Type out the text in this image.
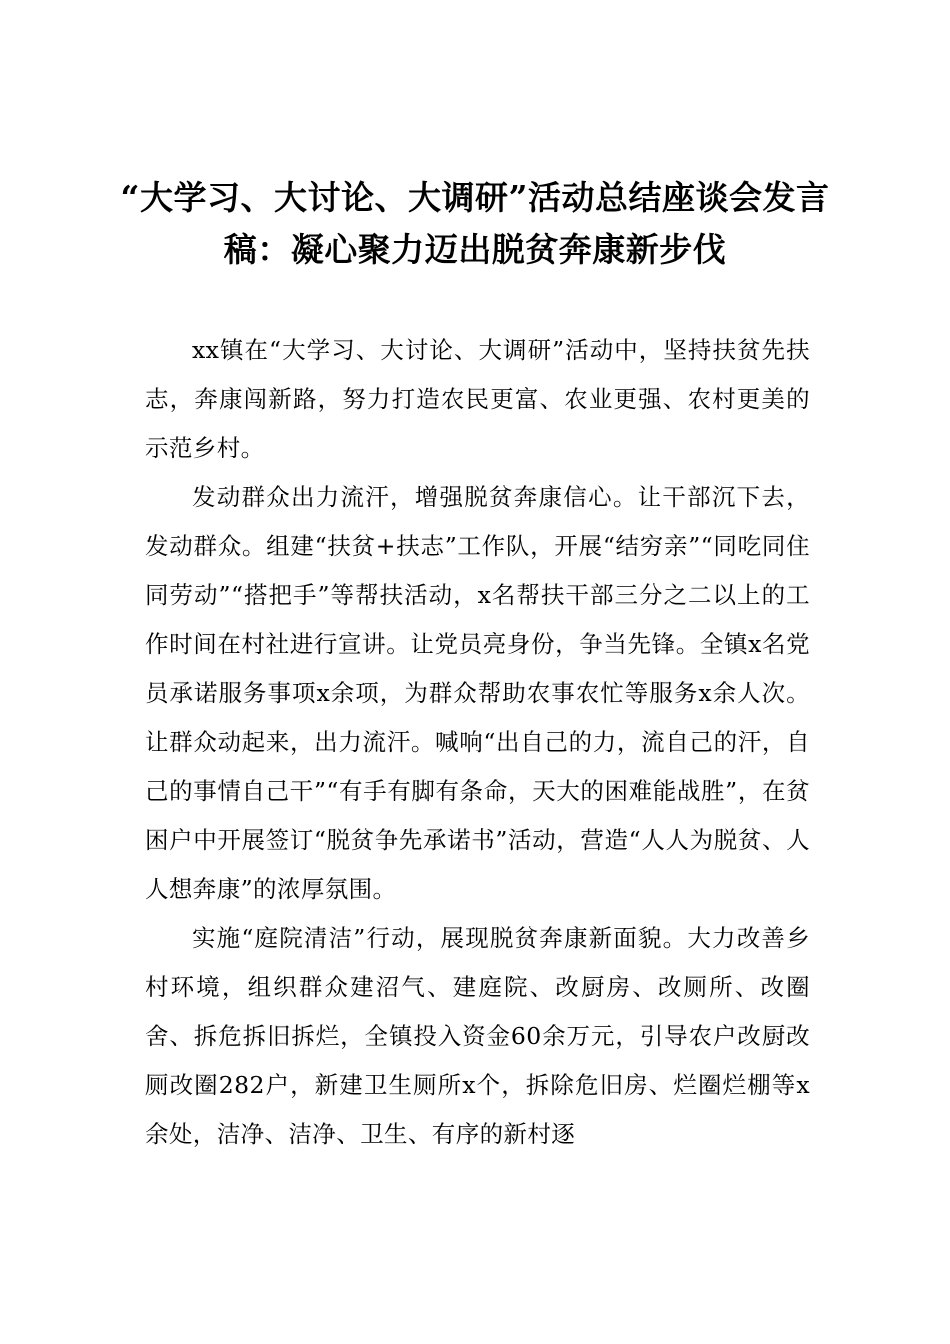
“大学习、大讨论、大调研”活动总结座谈会发言稿：凝心聚力迈出脱贫奔康新步伐

xx镇在“大学习、大讨论、大调研”活动中，坚持扶贫先扶志，奔康闯新路，努力打造农民更富、农业更强、农村更美的示范乡村。

发动群众出力流汗，增强脱贫奔康信心。让干部沉下去，发动群众。组建“扶贫+扶志”工作队，开展“结穷亲”“同吃同住同劳动”“搭把手”等帮扶活动，x名帮扶干部三分之二以上的工作时间在村社进行宣讲。让党员亮身份，争当先锋。全镇x名党员承诺服务事项x余项，为群众帮助农事农忙等服务x余人次。让群众动起来，出力流汗。喊响“出自己的力，流自己的汗，自己的事情自己干”“有手有脚有条命，天大的困难能战胜”，在贫困户中开展签订“脱贫争先承诺书”活动，营造“人人为脱贫、人人想奔康”的浓厚氛围。

实施“庭院清洁”行动，展现脱贫奔康新面貌。大力改善乡村环境，组织群众建沼气、建庭院、改厨房、改厕所、改圈舍、拆危拆旧拆烂，全镇投入资金60余万元，引导农户改厨改厕改圈282户，新建卫生厕所x个，拆除危旧房、烂圈烂棚等x余处，洁净、洁净、卫生、有序的新村逐
